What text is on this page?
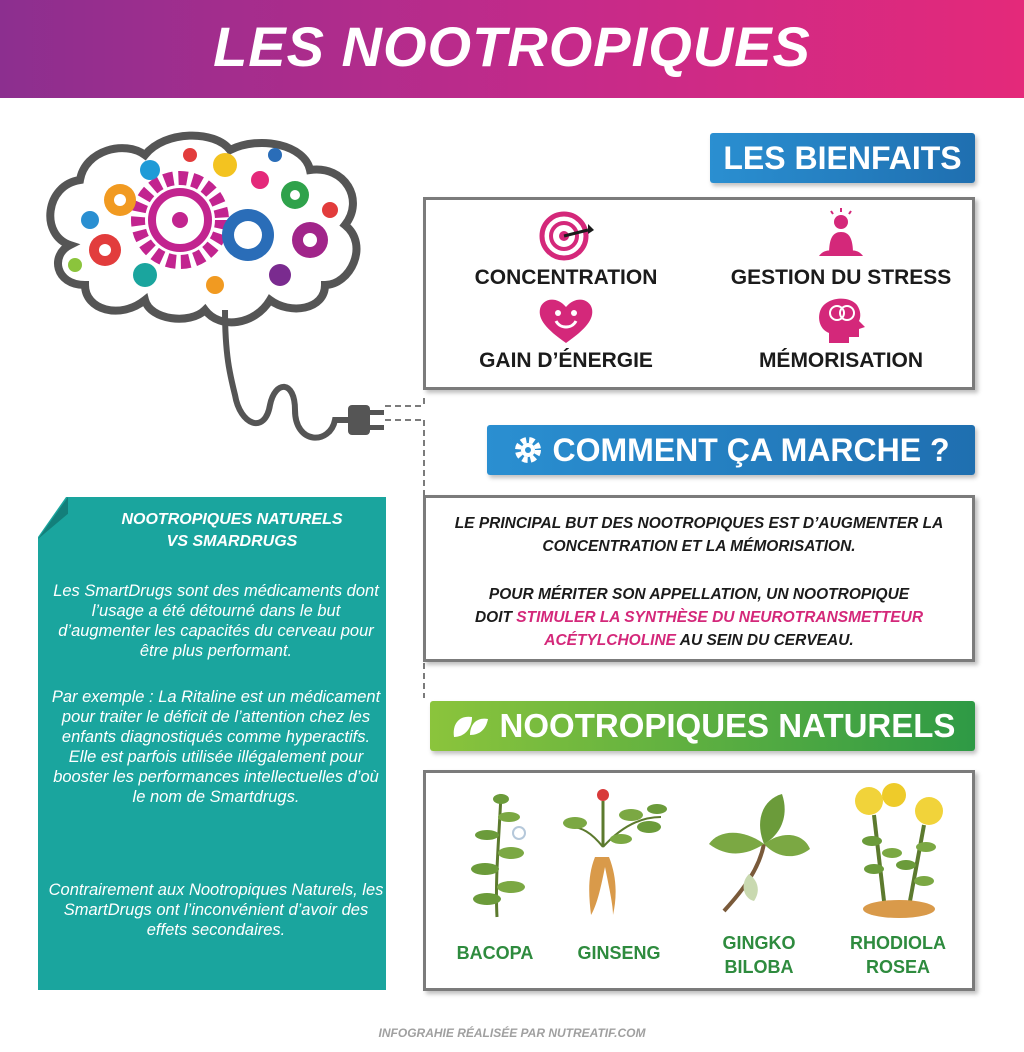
LES NOOTROPIQUES
LES BIENFAITS
CONCENTRATION	GESTION DU STRESS
GAIN D’ÉNERGIE	MÉMORISATION
COMMENT ÇA MARCHE ?
LE PRINCIPAL BUT DES NOOTROPIQUES EST D’AUGMENTER LA
CONCENTRATION ET LA MÉMORISATION.
POUR MÉRITER SON APPELLATION, UN NOOTROPIQUE
DOIT STIMULER LA SYNTHÈSE DU NEUROTRANSMETTEUR
ACÉTYLCHOLINE AU SEIN DU CERVEAU.
NOOTROPIQUES NATURELS
BACOPA	GINSENG	GINGKO
BILOBA
RHODIOLA
ROSEA
NOOTROPIQUES NATURELS
VS SMARDRUGS
Les SmartDrugs sont des médicaments dont l’usage a été détourné dans le but d’augmenter les capacités du cerveau pour être plus performant.
Par exemple : La Ritaline est un médicament pour traiter le déficit de l’attention chez les enfants diagnostiqués comme hyperactifs. Elle est parfois utilisée illégalement pour booster les performances intellectuelles d’où le nom de Smartdrugs.
Contrairement aux Nootropiques Naturels, les SmartDrugs ont l’inconvénient d’avoir des effets secondaires.
INFOGRAHIE RÉALISÉE PAR NUTREATIF.COM
